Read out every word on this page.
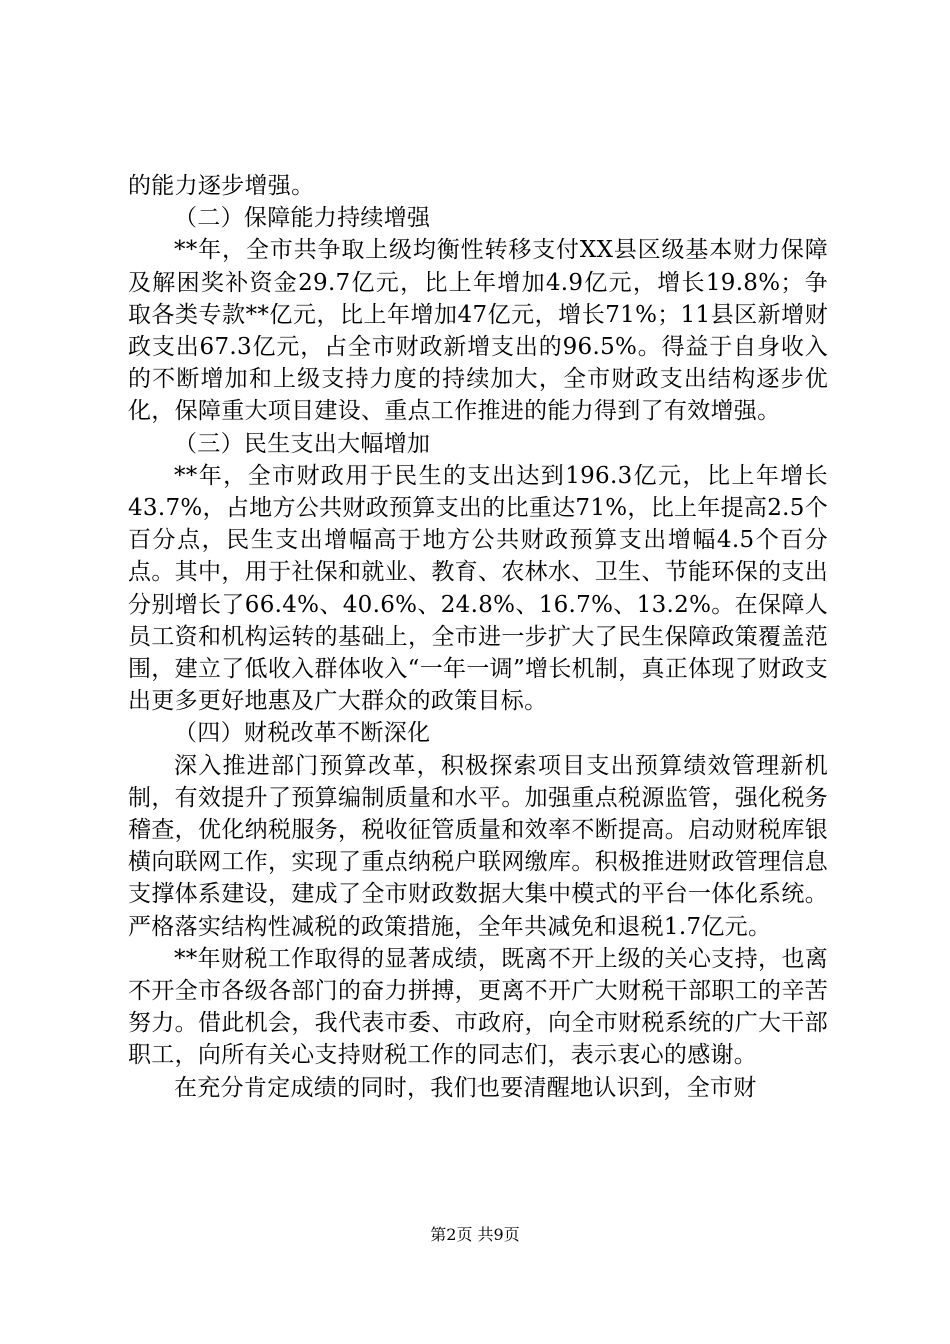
的能力逐步增强。

（二）保障能力持续增强

**年，全市共争取上级均衡性转移支付XX县区级基本财力保障及解困奖补资金29.7亿元，比上年增加4.9亿元，增长19.8%；争取各类专款**亿元，比上年增加47亿元，增长71%；11县区新增财政支出67.3亿元，占全市财政新增支出的96.5%。得益于自身收入的不断增加和上级支持力度的持续加大，全市财政支出结构逐步优化，保障重大项目建设、重点工作推进的能力得到了有效增强。

（三）民生支出大幅增加

**年，全市财政用于民生的支出达到196.3亿元，比上年增长43.7%，占地方公共财政预算支出的比重达71%，比上年提高2.5个百分点，民生支出增幅高于地方公共财政预算支出增幅4.5个百分点。其中，用于社保和就业、教育、农林水、卫生、节能环保的支出分别增长了66.4%、40.6%、24.8%、16.7%、13.2%。在保障人员工资和机构运转的基础上，全市进一步扩大了民生保障政策覆盖范围，建立了低收入群体收入“一年一调”增长机制，真正体现了财政支出更多更好地惠及广大群众的政策目标。

（四）财税改革不断深化

深入推进部门预算改革，积极探索项目支出预算绩效管理新机制，有效提升了预算编制质量和水平。加强重点税源监管，强化税务稽查，优化纳税服务，税收征管质量和效率不断提高。启动财税库银横向联网工作，实现了重点纳税户联网缴库。积极推进财政管理信息支撑体系建设，建成了全市财政数据大集中模式的平台一体化系统。严格落实结构性减税的政策措施，全年共减免和退税1.7亿元。

**年财税工作取得的显著成绩，既离不开上级的关心支持，也离不开全市各级各部门的奋力拼搏，更离不开广大财税干部职工的辛苦努力。借此机会，我代表市委、市政府，向全市财税系统的广大干部职工，向所有关心支持财税工作的同志们，表示衷心的感谢。

在充分肯定成绩的同时，我们也要清醒地认识到，全市财

第2页 共9页
